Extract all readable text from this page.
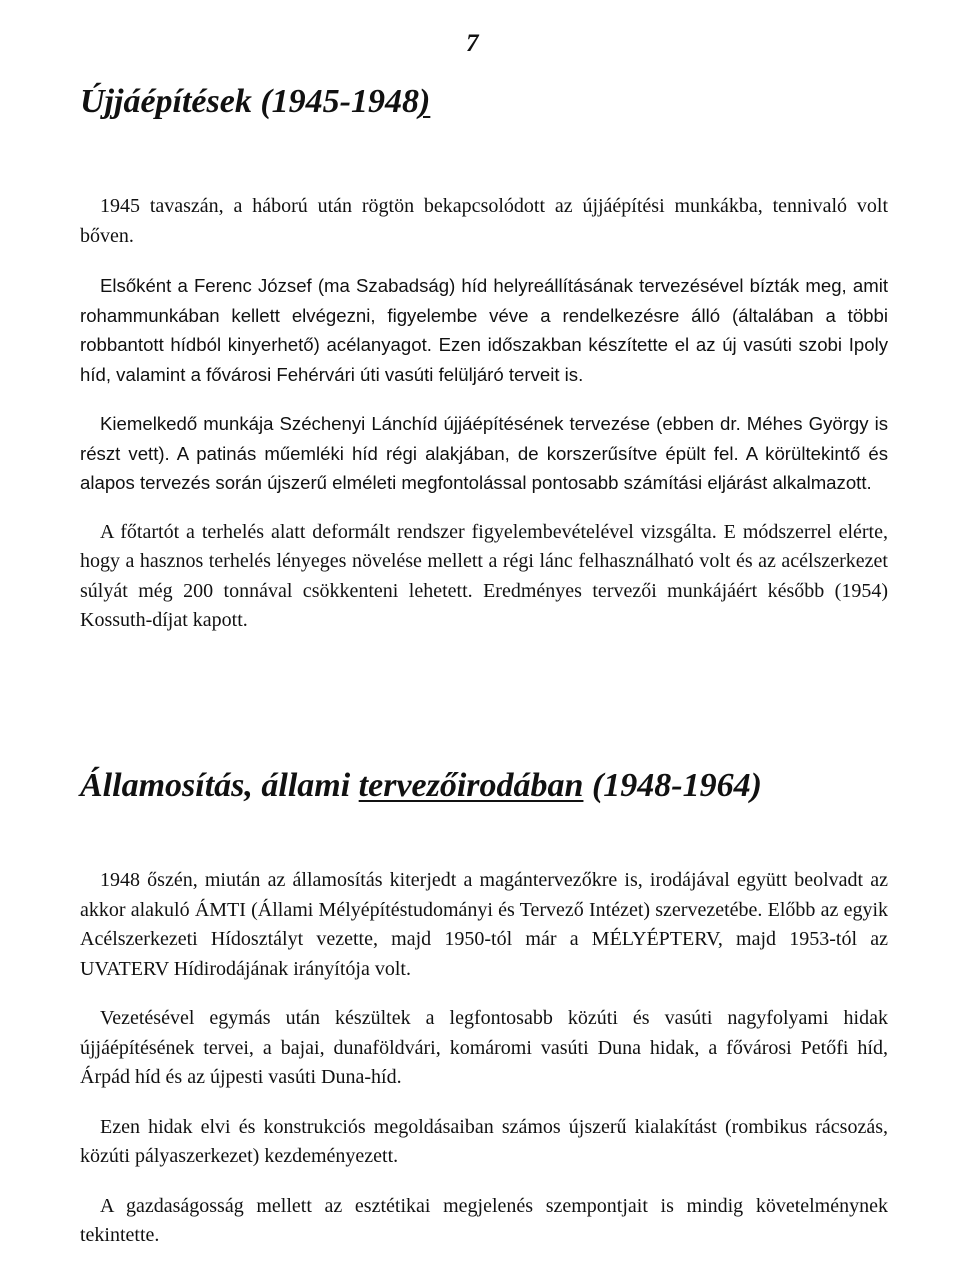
7
Újjáépítések (1945-1948)

1945 tavaszán, a háború után rögtön bekapcsolódott az újjáépítési munkákba, tennivaló volt bőven.

Elsőként a Ferenc József (ma Szabadság) híd helyreállításának tervezésével bízták meg, amit rohammunkában kellett elvégezni, figyelembe véve a rendelkezésre álló (általában a többi robbantott hídból kinyerhető) acélanyagot. Ezen időszakban készítette el az új vasúti szobi Ipoly híd, valamint a fővárosi Fehérvári úti vasúti felüljáró terveit is.

Kiemelkedő munkája Széchenyi Lánchíd újjáépítésének tervezése (ebben dr. Méhes György is részt vett). A patinás műemléki híd régi alakjában, de korszerűsítve épült fel. A körültekintő és alapos tervezés során újszerű elméleti megfontolással pontosabb számítási eljárást alkalmazott.

A főtartót a terhelés alatt deformált rendszer figyelembevételével vizsgálta. E módszerrel elérte, hogy a hasznos terhelés lényeges növelése mellett a régi lánc felhasználható volt és az acélszerkezet súlyát még 200 tonnával csökkenteni lehetett. Eredményes tervezői munkájáért később (1954) Kossuth-díjat kapott.

Államosítás, állami tervezőirodában (1948-1964)

1948 őszén, miután az államosítás kiterjedt a magántervezőkre is, irodájával együtt beolvadt az akkor alakuló ÁMTI (Állami Mélyépítéstudományi és Tervező Intézet) szervezetébe. Előbb az egyik Acélszerkezeti Hídosztályt vezette, majd 1950-tól már a MÉLYÉPTERV, majd 1953-tól az UVATERV Hídirodájának irányítója volt.

Vezetésével egymás után készültek a legfontosabb közúti és vasúti nagyfolyami hidak újjáépítésének tervei, a bajai, dunaföldvári, komáromi vasúti Duna hidak, a fővárosi Petőfi híd, Árpád híd és az újpesti vasúti Duna-híd.

Ezen hidak elvi és konstrukciós megoldásaiban számos újszerű kialakítást (rombikus rácsozás, közúti pályaszerkezet) kezdeményezett.

A gazdaságosság mellett az esztétikai megjelenés szempontjait is mindig követelménynek tekintette.
